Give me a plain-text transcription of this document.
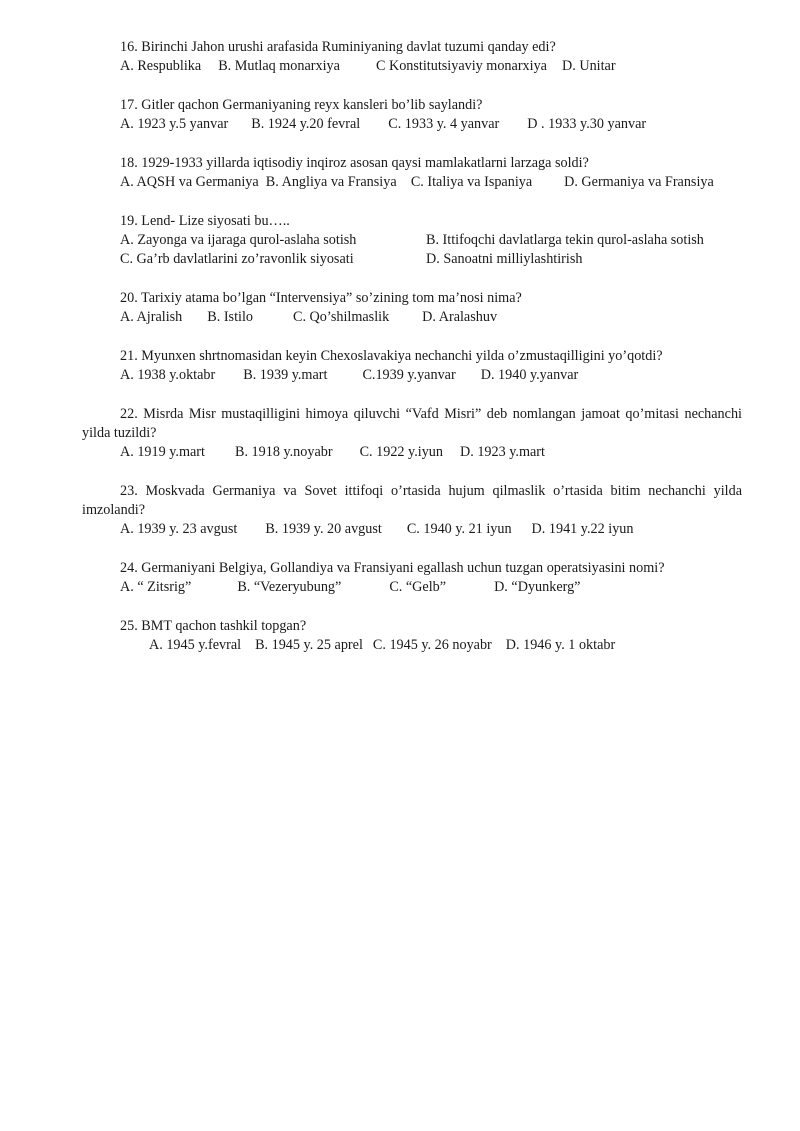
16. Birinchi Jahon urushi arafasida Ruminiyaning davlat tuzumi qanday edi?
A. Respublika B. Mutlaq monarxiya	C Konstitutsiyaviy monarxiya D. Unitar
17. Gitler qachon Germaniyaning reyx kansleri bo’lib saylandi?
A. 1923 y.5 yanvar B. 1924 y.20 fevral C. 1933 y. 4 yanvar D . 1933 y.30 yanvar
18. 1929-1933 yillarda iqtisodiy inqiroz asosan qaysi mamlakatlarni larzaga soldi?
A. AQSH va Germaniya B. Angliya va Fransiya C. Italiya va Ispaniya D. Germaniya va Fransiya
19. Lend- Lize siyosati bu…..
A. Zayonga va ijaraga qurol-aslaha sotish	B. Ittifoqchi davlatlarga tekin qurol-aslaha sotish
C. Ga’rb davlatlarini zo’ravonlik siyosati	D. Sanoatni milliylashtirish
20. Tarixiy atama bo’lgan “Intervensiya” so’zining tom ma’nosi nima?
A. Ajralish B. Istilo	C. Qo’shilmaslik D. Aralashuv
21. Myunxen shrtnomasidan keyin Chexoslavakiya nechanchi yilda o’zmustaqilligini yo’qotdi?
A. 1938 y.oktabr B. 1939 y.mart C.1939 y.yanvar D. 1940 y.yanvar
22. Misrda Misr mustaqilligini himoya qiluvchi “Vafd Misri” deb nomlangan jamoat qo’mitasi nechanchi yilda tuzildi?
A. 1919 y.mart B. 1918 y.noyabr C. 1922 y.iyun D. 1923 y.mart
23. Moskvada Germaniya va Sovet ittifoqi o’rtasida hujum qilmaslik o’rtasida bitim nechanchi yilda imzolandi?
A. 1939 y. 23 avgust B. 1939 y. 20 avgust C. 1940 y. 21 iyun D. 1941 y.22 iyun
24. Germaniyani Belgiya, Gollandiya va Fransiyani egallash uchun tuzgan operatsiyasini nomi?
A. “ Zitsrig”	B. “Vezeryubung”	C. “Gelb”	D. “Dyunkerg”
25. BMT qachon tashkil topgan?
A. 1945 y.fevral B. 1945 y. 25 aprel C. 1945 y. 26 noyabr D. 1946 y. 1 oktabr
